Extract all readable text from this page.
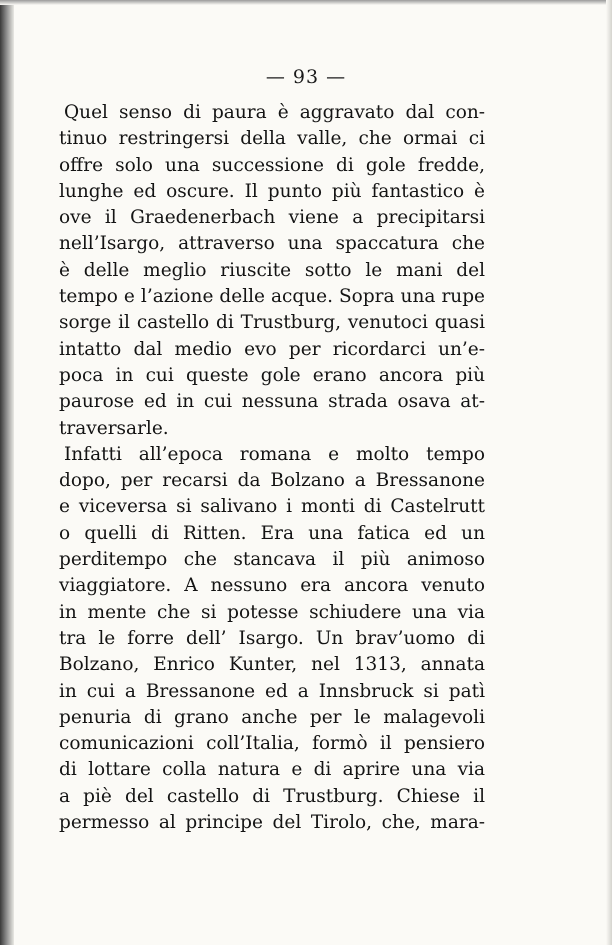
— 93 —
Quel senso di paura è aggravato dal con-
tinuo restringersi della valle, che ormai ci
offre solo una successione di gole fredde,
lunghe ed oscure. Il punto più fantastico è
ove il Graedenerbach viene a precipitarsi
nell’Isargo, attraverso una spaccatura che
è delle meglio riuscite sotto le mani del
tempo e l’azione delle acque. Sopra una rupe
sorge il castello di Trustburg, venutoci quasi
intatto dal medio evo per ricordarci un’e-
poca in cui queste gole erano ancora più
paurose ed in cui nessuna strada osava at-
traversarle.
Infatti all’epoca romana e molto tempo
dopo, per recarsi da Bolzano a Bressanone
e viceversa si salivano i monti di Castelrutt
o quelli di Ritten. Era una fatica ed un
perditempo che stancava il più animoso
viaggiatore. A nessuno era ancora venuto
in mente che si potesse schiudere una via
tra le forre dell’ Isargo. Un brav’uomo di
Bolzano, Enrico Kunter, nel 1313, annata
in cui a Bressanone ed a Innsbruck si patì
penuria di grano anche per le malagevoli
comunicazioni coll’Italia, formò il pensiero
di lottare colla natura e di aprire una via
a piè del castello di Trustburg. Chiese il
permesso al principe del Tirolo, che, mara-
